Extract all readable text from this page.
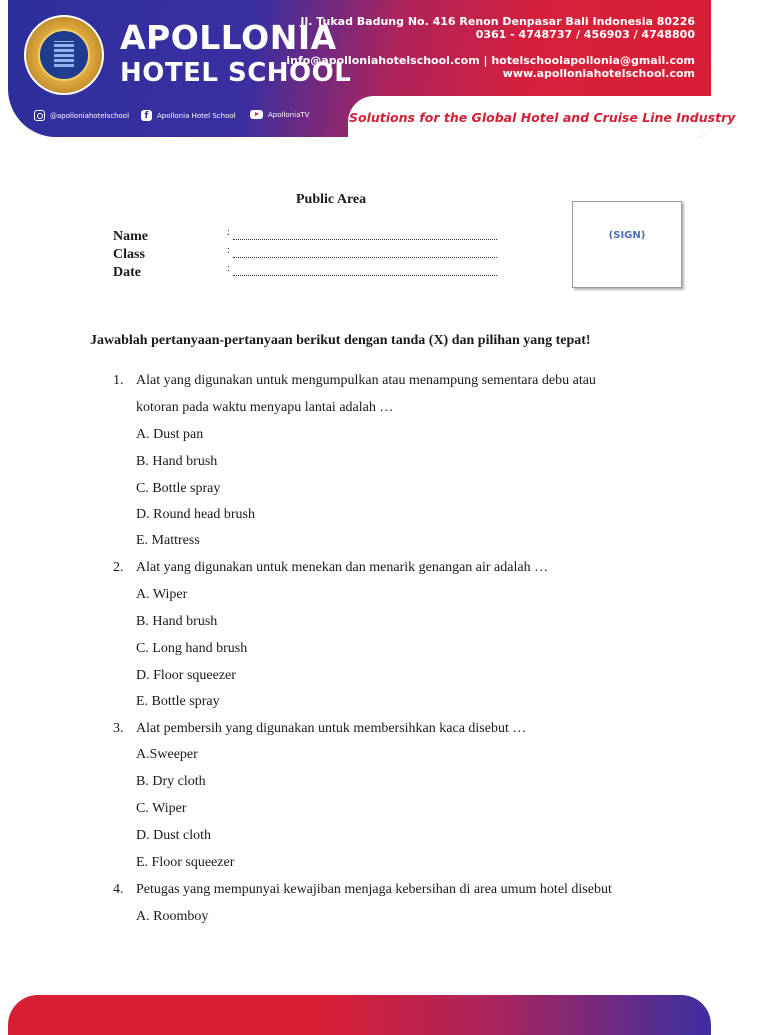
APOLLONIA
HOTEL SCHOOL
Jl. Tukad Badung No. 416 Renon Denpasar Bali Indonesia 80226
0361 - 4748737 / 456903 / 4748800
info@apolloniahotelschool.com | hotelschoolapollonia@gmail.com
www.apolloniahotelschool.com
@apolloniahotelschool	f	Apollonia Hotel School	ApolloniaTV	Solutions for the Global Hotel and Cruise Line Industry
Public Area
Name	:
Class	:
Date	:
(SIGN)
Jawablah pertanyaan-pertanyaan berikut dengan tanda (X) dan pilihan yang tepat!
1. Alat yang digunakan untuk mengumpulkan atau menampung sementara debu atau
kotoran pada waktu menyapu lantai adalah …
A. Dust pan
B. Hand brush
C. Bottle spray
D. Round head brush
E. Mattress
2. Alat yang digunakan untuk menekan dan menarik genangan air adalah …
A. Wiper
B. Hand brush
C. Long hand brush
D. Floor squeezer
E. Bottle spray
3. Alat pembersih yang digunakan untuk membersihkan kaca disebut …
A.Sweeper
B. Dry cloth
C. Wiper
D. Dust cloth
E. Floor squeezer
4. Petugas yang mempunyai kewajiban menjaga kebersihan di area umum hotel disebut
A. Roomboy
